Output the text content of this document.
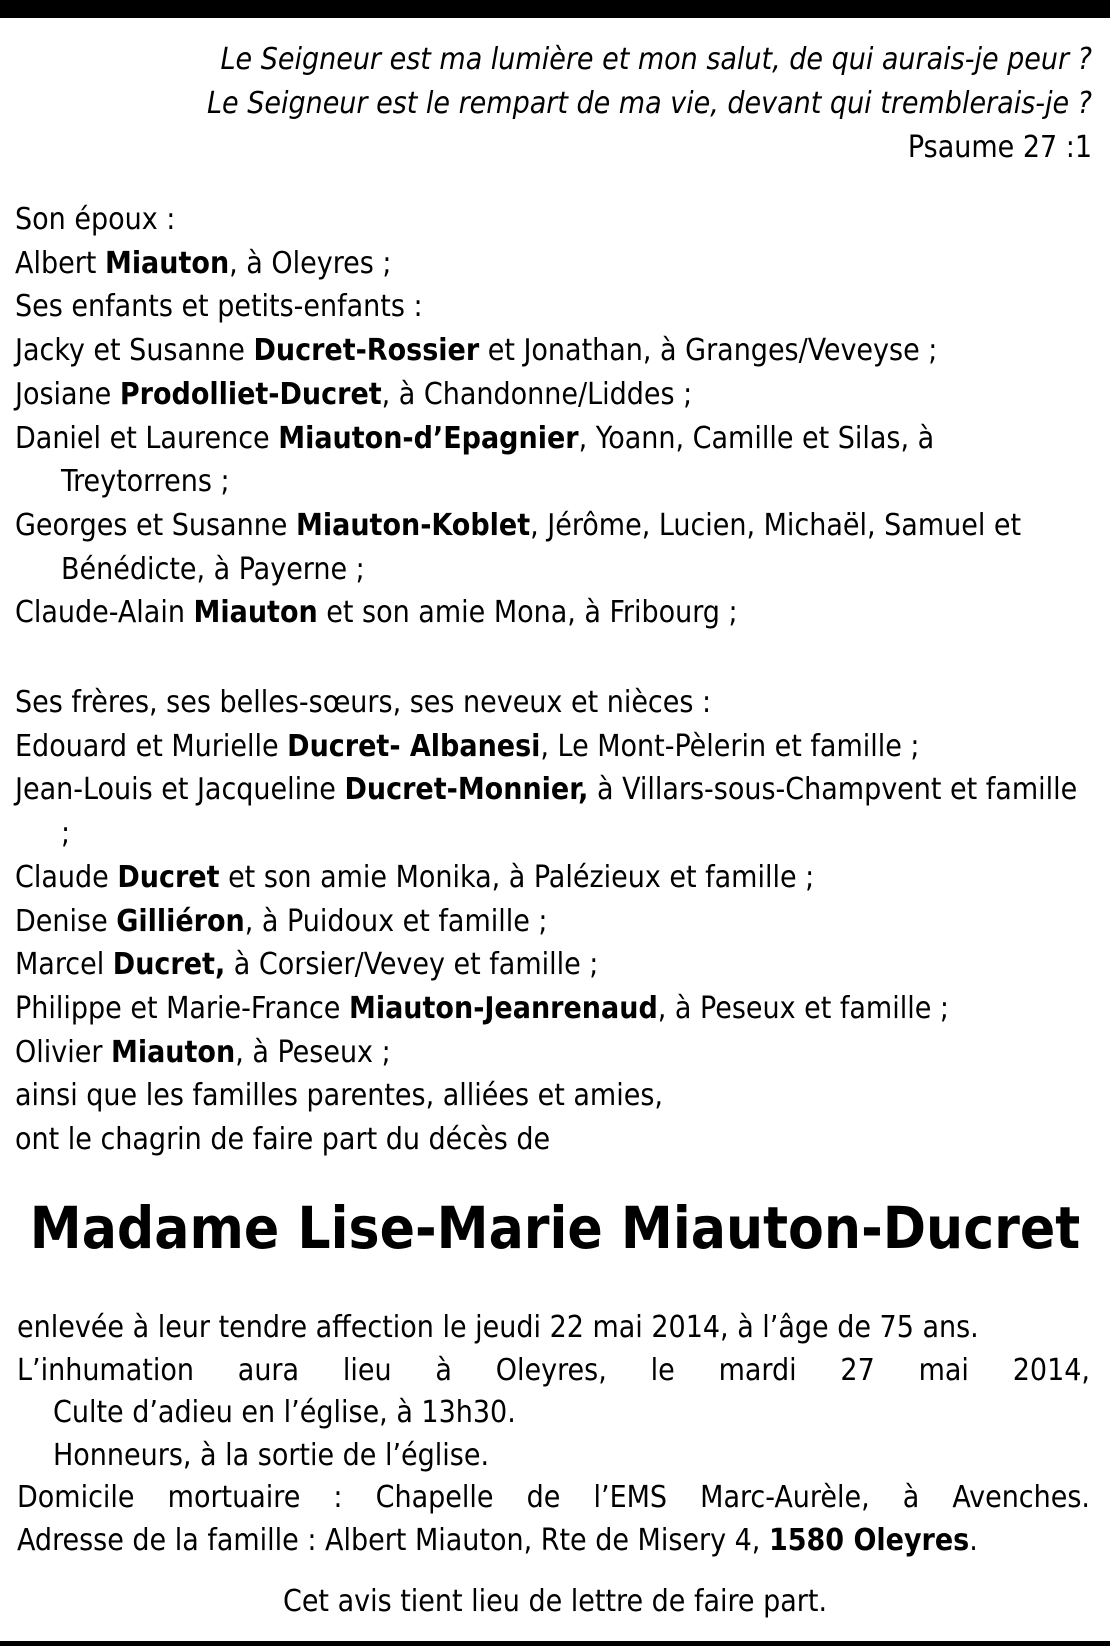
Le Seigneur est ma lumière et mon salut, de qui aurais-je peur ?
Le Seigneur est le rempart de ma vie, devant qui tremblerais-je ?
Psaume 27 :1
Son époux :
Albert Miauton, à Oleyres ;
Ses enfants et petits-enfants :
Jacky et Susanne Ducret-Rossier et Jonathan, à Granges/Veveyse ;
Josiane Prodolliet-Ducret, à Chandonne/Liddes ;
Daniel et Laurence Miauton-d’Epagnier, Yoann, Camille et Silas, à Treytorrens ;
Georges et Susanne Miauton-Koblet, Jérôme, Lucien, Michaël, Samuel et Bénédicte, à Payerne ;
Claude-Alain Miauton et son amie Mona, à Fribourg ;
Ses frères, ses belles-sœurs, ses neveux et nièces :
Edouard et Murielle Ducret- Albanesi, Le Mont-Pèlerin et famille ;
Jean-Louis et Jacqueline Ducret-Monnier, à Villars-sous-Champvent et famille ;
Claude Ducret et son amie Monika, à Palézieux et famille ;
Denise Gilliéron, à Puidoux et famille ;
Marcel Ducret, à Corsier/Vevey et famille ;
Philippe et Marie-France Miauton-Jeanrenaud, à Peseux et famille ;
Olivier Miauton, à Peseux ;
ainsi que les familles parentes, alliées et amies,
ont le chagrin de faire part du décès de
Madame Lise-Marie Miauton-Ducret
enlevée à leur tendre affection le jeudi 22 mai 2014, à l’âge de 75 ans.
L’inhumation aura lieu à Oleyres, le mardi 27 mai 2014,
Culte d’adieu en l’église, à 13h30.
Honneurs, à la sortie de l’église.
Domicile mortuaire : Chapelle de l’EMS Marc-Aurèle, à Avenches.
Adresse de la famille : Albert Miauton, Rte de Misery 4, 1580 Oleyres.
Cet avis tient lieu de lettre de faire part.
